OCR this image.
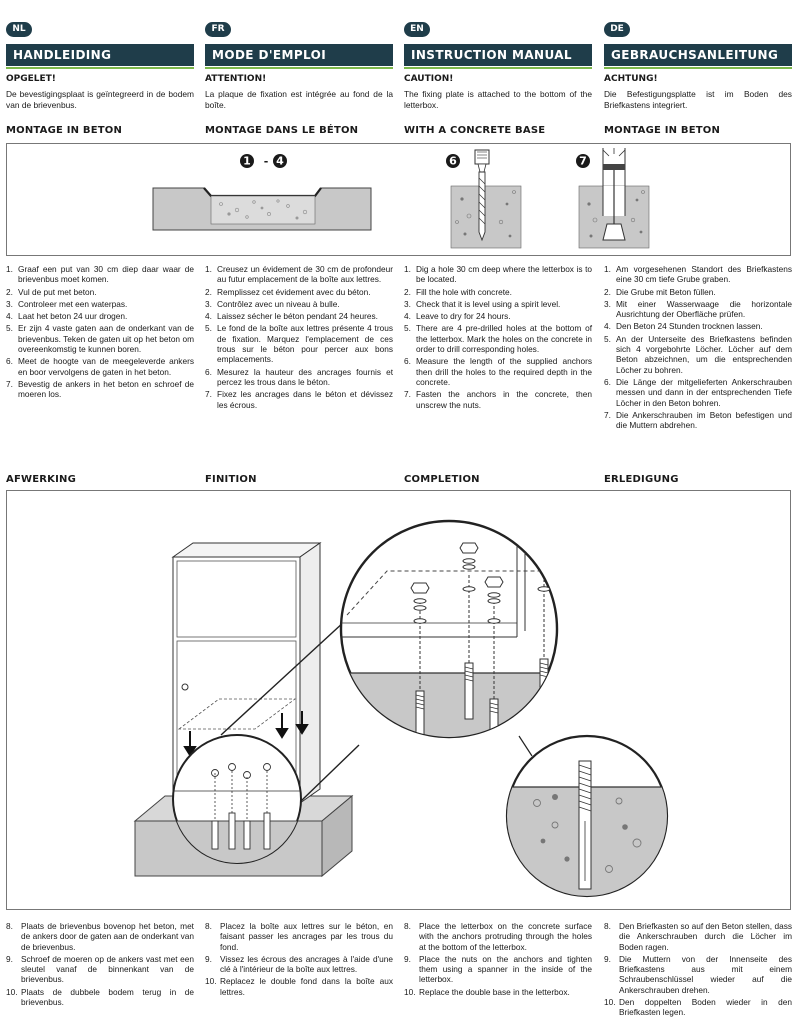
NL
HANDLEIDING
OPGELET!
De bevestigingsplaat is geïntegreerd in de bodem van de brievenbus.
MONTAGE IN BETON
FR
MODE D'EMPLOI
ATTENTION!
La plaque de fixation est intégrée au fond de la boîte.
MONTAGE DANS LE BÉTON
EN
INSTRUCTION MANUAL
CAUTION!
The fixing plate is attached to the bottom of the letterbox.
WITH A CONCRETE BASE
DE
GEBRAUCHSANLEITUNG
ACHTUNG!
Die Befestigungsplatte ist im Boden des Briefkastens integriert.
MONTAGE IN BETON
1 - 4	6	7
1. Graaf een put van 30 cm diep daar waar de brievenbus moet komen.
2. Vul de put met beton.
3. Controleer met een waterpas.
4. Laat het beton 24 uur drogen.
5. Er zijn 4 vaste gaten aan de onderkant van de brievenbus. Teken de gaten uit op het beton om overeenkomstig te kunnen boren.
6. Meet de hoogte van de meegeleverde ankers en boor vervolgens de gaten in het beton.
7. Bevestig de ankers in het beton en schroef de moeren los.
1. Creusez un évidement de 30 cm de profondeur au futur emplacement de la boîte aux lettres.
2. Remplissez cet évidement avec du béton.
3. Contrôlez avec un niveau à bulle.
4. Laissez sécher le béton pendant 24 heures.
5. Le fond de la boîte aux lettres présente 4 trous de fixation. Marquez l'emplacement de ces trous sur le béton pour percer aux bons emplacements.
6. Mesurez la hauteur des ancrages fournis et percez les trous dans le béton.
7. Fixez les ancrages dans le béton et dévissez les écrous.
1. Dig a hole 30 cm deep where the letterbox is to be located.
2. Fill the hole with concrete.
3. Check that it is level using a spirit level.
4. Leave to dry for 24 hours.
5. There are 4 pre-drilled holes at the bottom of the letterbox. Mark the holes on the concrete in order to drill corresponding holes.
6. Measure the length of the supplied anchors then drill the holes to the required depth in the concrete.
7. Fasten the anchors in the concrete, then unscrew the nuts.
1. Am vorgesehenen Standort des Briefkastens eine 30 cm tiefe Grube graben.
2. Die Grube mit Beton füllen.
3. Mit einer Wasserwaage die horizontale Ausrichtung der Oberfläche prüfen.
4. Den Beton 24 Stunden trocknen lassen.
5. An der Unterseite des Briefkastens befinden sich 4 vorgebohrte Löcher. Löcher auf dem Beton abzeichnen, um die entsprechenden Löcher zu bohren.
6. Die Länge der mitgelieferten Ankerschrauben messen und dann in der entsprechenden Tiefe Löcher in den Beton bohren.
7. Die Ankerschrauben im Beton befestigen und die Muttern abdrehen.
AFWERKING	FINITION	COMPLETION	ERLEDIGUNG
8. Plaats de brievenbus bovenop het beton, met de ankers door de gaten aan de onderkant van de brievenbus.
9. Schroef de moeren op de ankers vast met een sleutel vanaf de binnenkant van de brievenbus.
10. Plaats de dubbele bodem terug in de brievenbus.
8. Placez la boîte aux lettres sur le béton, en faisant passer les ancrages par les trous du fond.
9. Vissez les écrous des ancrages à l'aide d'une clé à l'intérieur de la boîte aux lettres.
10. Replacez le double fond dans la boîte aux lettres.
8. Place the letterbox on the concrete surface with the anchors protruding through the holes at the bottom of the letterbox.
9. Place the nuts on the anchors and tighten them using a spanner in the inside of the letterbox.
10. Replace the double base in the letterbox.
8. Den Briefkasten so auf den Beton stellen, dass die Ankerschrauben durch die Löcher im Boden ragen.
9. Die Muttern von der Innenseite des Briefkastens aus mit einem Schraubenschlüssel wieder auf die Ankerschrauben drehen.
10. Den doppelten Boden wieder in den Briefkasten legen.
